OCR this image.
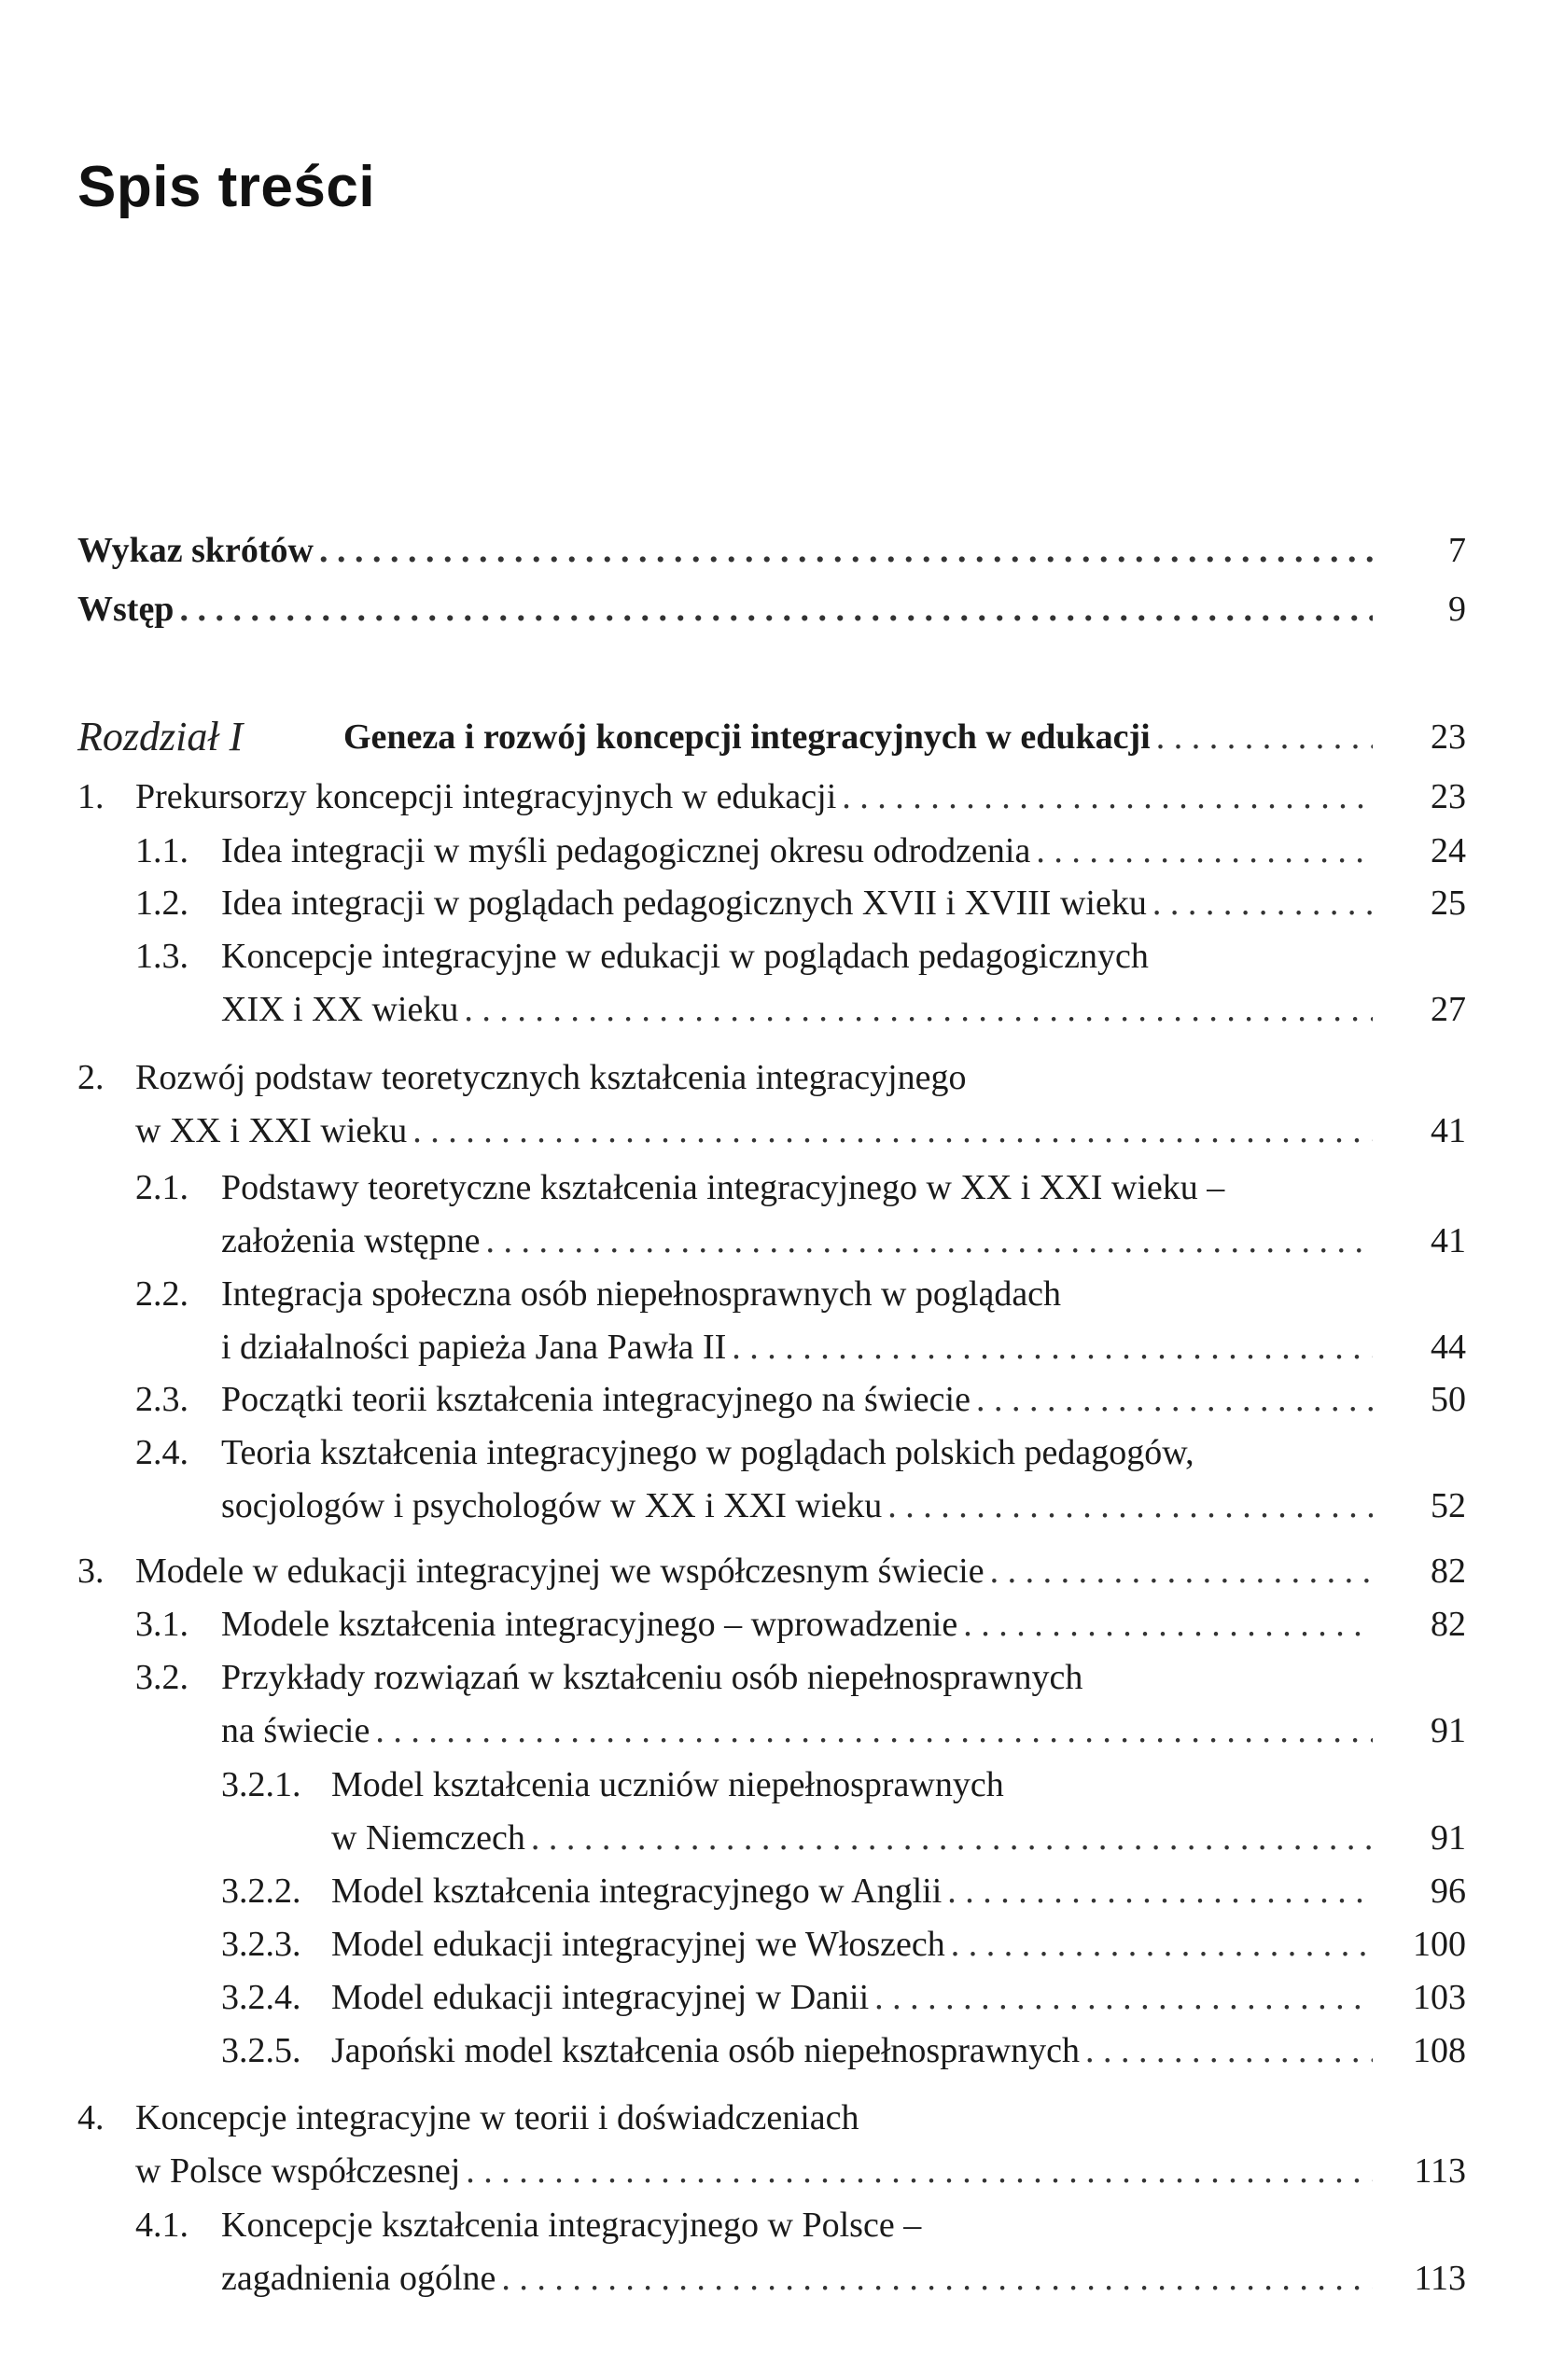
Spis treści
Wykaz skrótów . . .	7
Wstęp . . .	9
Rozdział I	Geneza i rozwój koncepcji integracyjnych w edukacji . . .	23
1. Prekursorzy koncepcji integracyjnych w edukacji . . .	23
1.1. Idea integracji w myśli pedagogicznej okresu odrodzenia . . .	24
1.2. Idea integracji w poglądach pedagogicznych XVII i XVIII wieku . . .	25
1.3. Koncepcje integracyjne w edukacji w poglądach pedagogicznych
XIX i XX wieku . . .	27
2. Rozwój podstaw teoretycznych kształcenia integracyjnego
w XX i XXI wieku . . .	41
2.1. Podstawy teoretyczne kształcenia integracyjnego w XX i XXI wieku –
założenia wstępne . . .	41
2.2. Integracja społeczna osób niepełnosprawnych w poglądach
i działalności papieża Jana Pawła II . . .	44
2.3. Początki teorii kształcenia integracyjnego na świecie . . .	50
2.4. Teoria kształcenia integracyjnego w poglądach polskich pedagogów,
socjologów i psychologów w XX i XXI wieku . . .	52
3. Modele w edukacji integracyjnej we współczesnym świecie . . .	82
3.1. Modele kształcenia integracyjnego – wprowadzenie . . .	82
3.2. Przykłady rozwiązań w kształceniu osób niepełnosprawnych
na świecie . . .	91
3.2.1. Model kształcenia uczniów niepełnosprawnych
w Niemczech . . .	91
3.2.2. Model kształcenia integracyjnego w Anglii . . .	96
3.2.3. Model edukacji integracyjnej we Włoszech . . .	100
3.2.4. Model edukacji integracyjnej w Danii . . .	103
3.2.5. Japoński model kształcenia osób niepełnosprawnych . . .	108
4. Koncepcje integracyjne w teorii i doświadczeniach
w Polsce współczesnej . . .	113
4.1. Koncepcje kształcenia integracyjnego w Polsce –
zagadnienia ogólne . . .	113
